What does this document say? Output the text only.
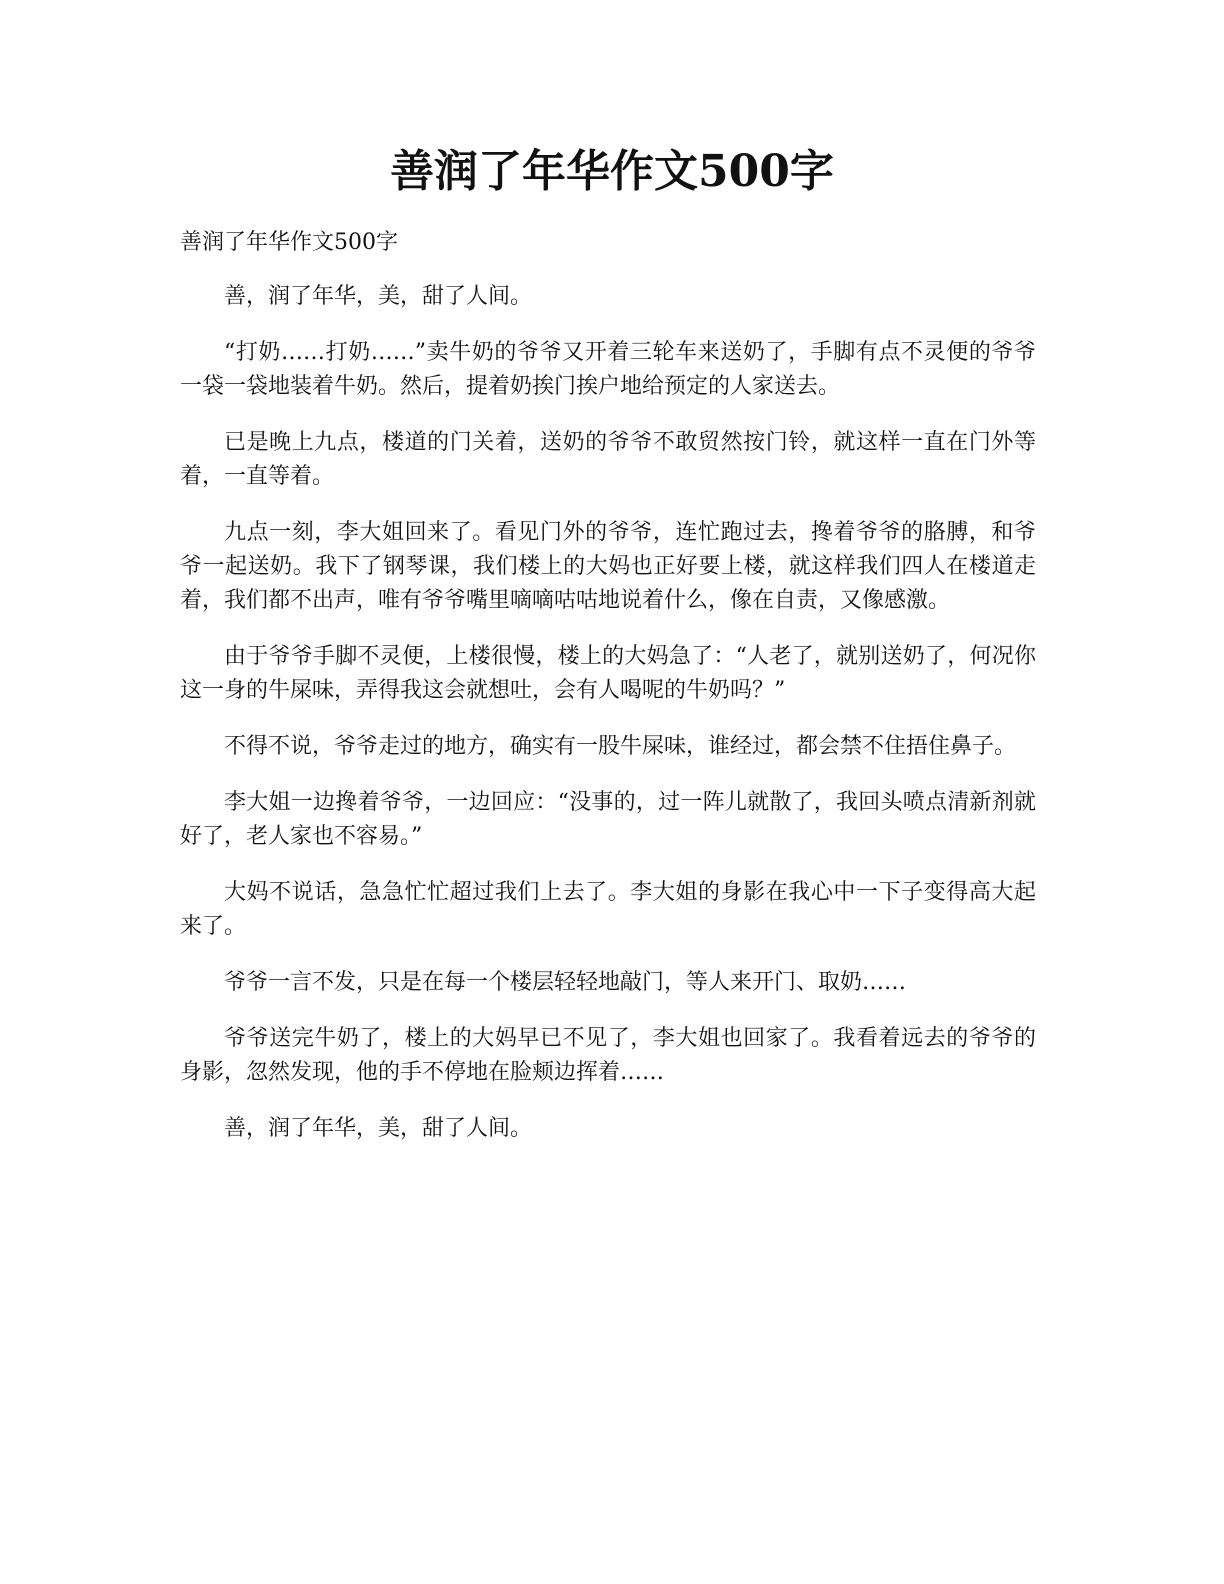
善润了年华作文500字

善润了年华作文500字

善，润了年华，美，甜了人间。

“打奶……打奶……”卖牛奶的爷爷又开着三轮车来送奶了，手脚有点不灵便的爷爷一袋一袋地装着牛奶。然后，提着奶挨门挨户地给预定的人家送去。

已是晚上九点，楼道的门关着，送奶的爷爷不敢贸然按门铃，就这样一直在门外等着，一直等着。

九点一刻，李大姐回来了。看见门外的爷爷，连忙跑过去，搀着爷爷的胳膊，和爷爷一起送奶。我下了钢琴课，我们楼上的大妈也正好要上楼，就这样我们四人在楼道走着，我们都不出声，唯有爷爷嘴里嘀嘀咕咕地说着什么，像在自责，又像感激。

由于爷爷手脚不灵便，上楼很慢，楼上的大妈急了：“人老了，就别送奶了，何况你这一身的牛屎味，弄得我这会就想吐，会有人喝呢的牛奶吗？”

不得不说，爷爷走过的地方，确实有一股牛屎味，谁经过，都会禁不住捂住鼻子。

李大姐一边搀着爷爷，一边回应：“没事的，过一阵儿就散了，我回头喷点清新剂就好了，老人家也不容易。”

大妈不说话，急急忙忙超过我们上去了。李大姐的身影在我心中一下子变得高大起来了。

爷爷一言不发，只是在每一个楼层轻轻地敲门，等人来开门、取奶……

爷爷送完牛奶了，楼上的大妈早已不见了，李大姐也回家了。我看着远去的爷爷的身影，忽然发现，他的手不停地在脸颊边挥着……

善，润了年华，美，甜了人间。
